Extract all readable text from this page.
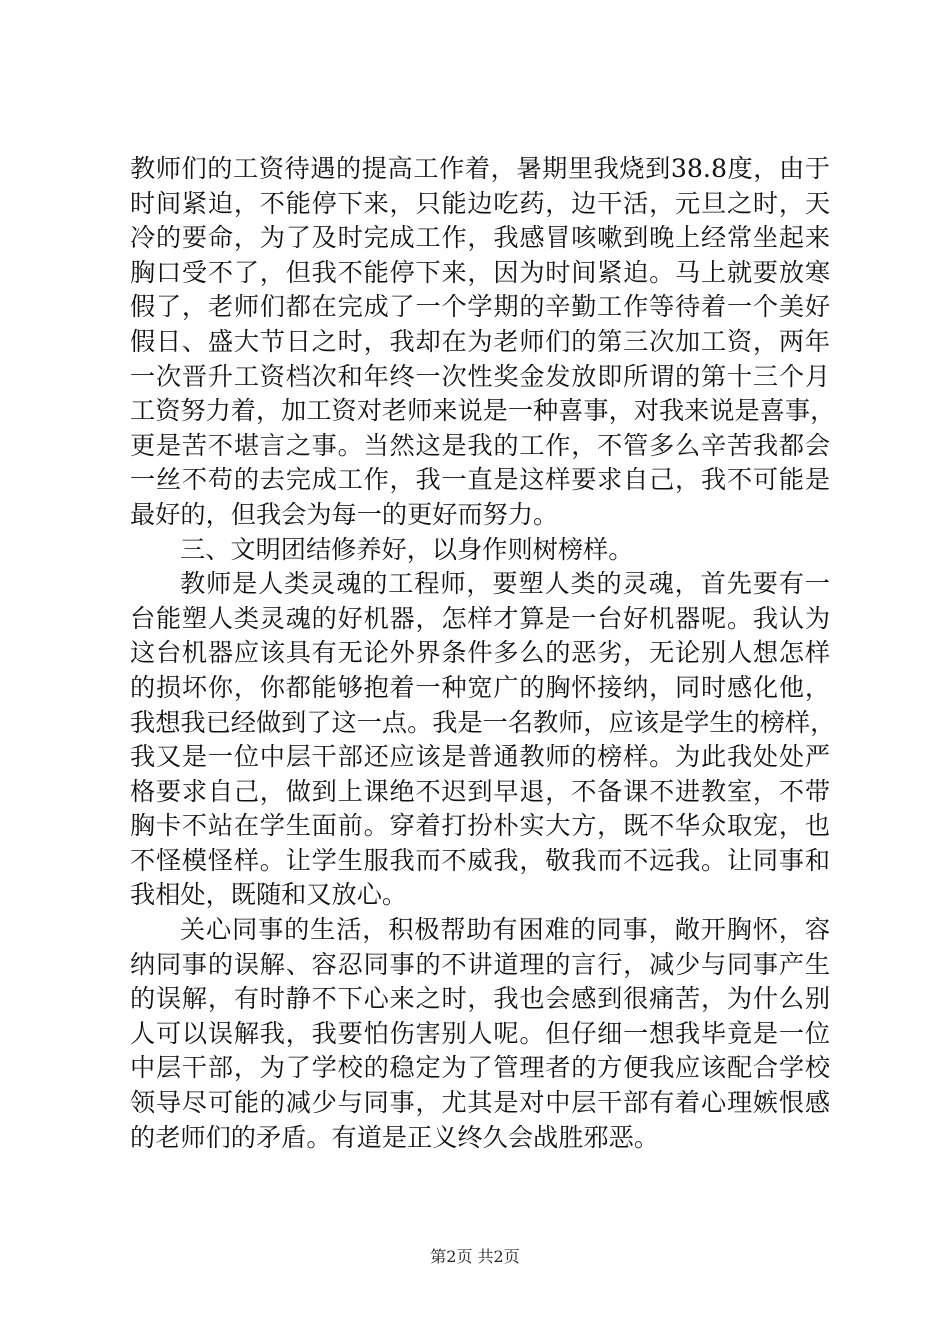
教师们的工资待遇的提高工作着，暑期里我烧到38.8度，由于
时间紧迫，不能停下来，只能边吃药，边干活，元旦之时，天
冷的要命，为了及时完成工作，我感冒咳嗽到晚上经常坐起来
胸口受不了，但我不能停下来，因为时间紧迫。马上就要放寒
假了，老师们都在完成了一个学期的辛勤工作等待着一个美好
假日、盛大节日之时，我却在为老师们的第三次加工资，两年
一次晋升工资档次和年终一次性奖金发放即所谓的第十三个月
工资努力着，加工资对老师来说是一种喜事，对我来说是喜事，
更是苦不堪言之事。当然这是我的工作，不管多么辛苦我都会
一丝不苟的去完成工作，我一直是这样要求自己，我不可能是
最好的，但我会为每一的更好而努力。
三、文明团结修养好，以身作则树榜样。
教师是人类灵魂的工程师，要塑人类的灵魂，首先要有一
台能塑人类灵魂的好机器，怎样才算是一台好机器呢。我认为
这台机器应该具有无论外界条件多么的恶劣，无论别人想怎样
的损坏你，你都能够抱着一种宽广的胸怀接纳，同时感化他，
我想我已经做到了这一点。我是一名教师，应该是学生的榜样，
我又是一位中层干部还应该是普通教师的榜样。为此我处处严
格要求自己，做到上课绝不迟到早退，不备课不进教室，不带
胸卡不站在学生面前。穿着打扮朴实大方，既不华众取宠，也
不怪模怪样。让学生服我而不威我，敬我而不远我。让同事和
我相处，既随和又放心。
关心同事的生活，积极帮助有困难的同事，敞开胸怀，容
纳同事的误解、容忍同事的不讲道理的言行，减少与同事产生
的误解，有时静不下心来之时，我也会感到很痛苦，为什么别
人可以误解我，我要怕伤害别人呢。但仔细一想我毕竟是一位
中层干部，为了学校的稳定为了管理者的方便我应该配合学校
领导尽可能的减少与同事，尤其是对中层干部有着心理嫉恨感
的老师们的矛盾。有道是正义终久会战胜邪恶。
第2页 共2页
